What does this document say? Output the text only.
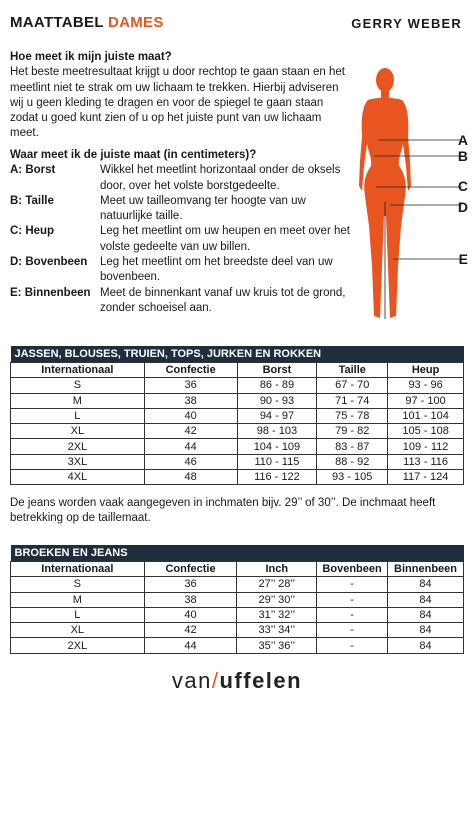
MAATTABEL DAMES	GERRY WEBER
Hoe meet ik mijn juiste maat?

Het beste meetresultaat krijgt u door rechtop te gaan staan en het meetlint niet te strak om uw lichaam te trekken. Hierbij adviseren wij u geen kleding te dragen en voor de spiegel te gaan staan zodat u goed kunt zien of u op het juiste punt van uw lichaam meet.

Waar meet ik de juiste maat (in centimeters)?
A: Borst	Wikkel het meetlint horizontaal onder de oksels door, over het volste borstgedeelte.
B: Taille	Meet uw tailleomvang ter hoogte van uw natuurlijke taille.
C: Heup	Leg het meetlint om uw heupen en meet over het volste gedeelte van uw billen.
D: Bovenbeen Leg het meetlint om het breedste deel van uw bovenbeen.
E: Binnenbeen Meet de binnenkant vanaf uw kruis tot de grond, zonder schoeisel aan.
A
B
C
D
E
JASSEN, BLOUSES, TRUIEN, TOPS, JURKEN EN ROKKEN				
Internationaal	Confectie	Borst	Taille	Heup
S	36	86 - 89	67 - 70	93 - 96
M	38	90 - 93	71 - 74	97 - 100
L	40	94 - 97	75 - 78	101 - 104
XL	42	98 - 103	79 - 82	105 - 108
2XL	44	104 - 109	83 - 87	109 - 112
3XL	46	110 - 115	88 - 92	113 - 116
4XL	48	116 - 122	93 - 105	117 - 124
De jeans worden vaak aangegeven in inchmaten bijv. 29’’ of 30’’. De inchmaat heeft betrekking op de taillemaat.
BROEKEN EN JEANS				
Internationaal	Confectie	Inch	Bovenbeen	Binnenbeen
S	36	27’’ 28’’	-	84
M	38	29’’ 30’’	-	84
L	40	31’’ 32’’	-	84
XL	42	33’’ 34’’	-	84
2XL	44	35’’ 36’’	-	84
van/uffelen
